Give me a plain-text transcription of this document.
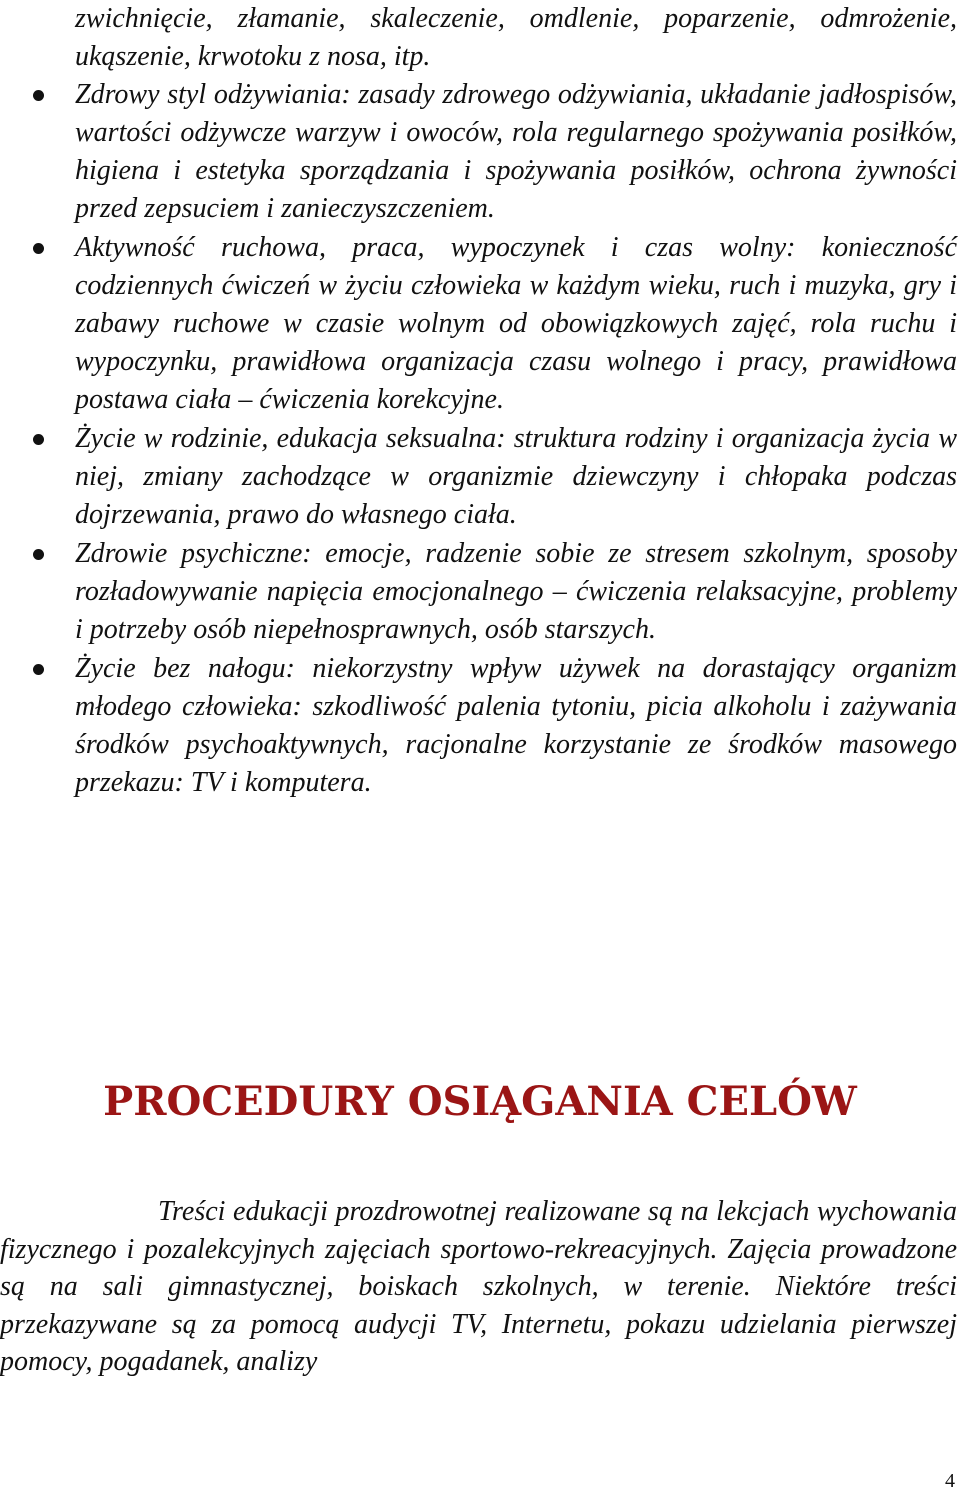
zwichnięcie, złamanie, skaleczenie, omdlenie, poparzenie, odmrożenie, ukąszenie, krwotoku z nosa, itp.

Zdrowy styl odżywiania: zasady zdrowego odżywiania, układanie jadłospisów, wartości odżywcze warzyw i owoców, rola regularnego spożywania posiłków, higiena i estetyka sporządzania i spożywania posiłków, ochrona żywności przed zepsuciem i zanieczyszczeniem.
Aktywność ruchowa, praca, wypoczynek i czas wolny: konieczność codziennych ćwiczeń w życiu człowieka w każdym wieku, ruch i muzyka, gry i zabawy ruchowe w czasie wolnym od obowiązkowych zajęć, rola ruchu i wypoczynku, prawidłowa organizacja czasu wolnego i pracy, prawidłowa postawa ciała – ćwiczenia korekcyjne.
Życie w rodzinie, edukacja seksualna: struktura rodziny i organizacja życia w niej, zmiany zachodzące w organizmie dziewczyny i chłopaka podczas dojrzewania, prawo do własnego ciała.
Zdrowie psychiczne: emocje, radzenie sobie ze stresem szkolnym, sposoby rozładowywanie napięcia emocjonalnego – ćwiczenia relaksacyjne, problemy i potrzeby osób niepełnosprawnych, osób starszych.
Życie bez nałogu: niekorzystny wpływ używek na dorastający organizm młodego człowieka: szkodliwość palenia tytoniu, picia alkoholu i zażywania środków psychoaktywnych, racjonalne korzystanie ze środków masowego przekazu: TV i komputera.
PROCEDURY OSIĄGANIA CELÓW

Treści edukacji prozdrowotnej realizowane są na lekcjach wychowania fizycznego i pozalekcyjnych zajęciach sportowo-rekreacyjnych. Zajęcia prowadzone są na sali gimnastycznej, boiskach szkolnych, w terenie. Niektóre treści przekazywane są za pomocą audycji TV, Internetu, pokazu udzielania pierwszej pomocy, pogadanek, analizy

4
